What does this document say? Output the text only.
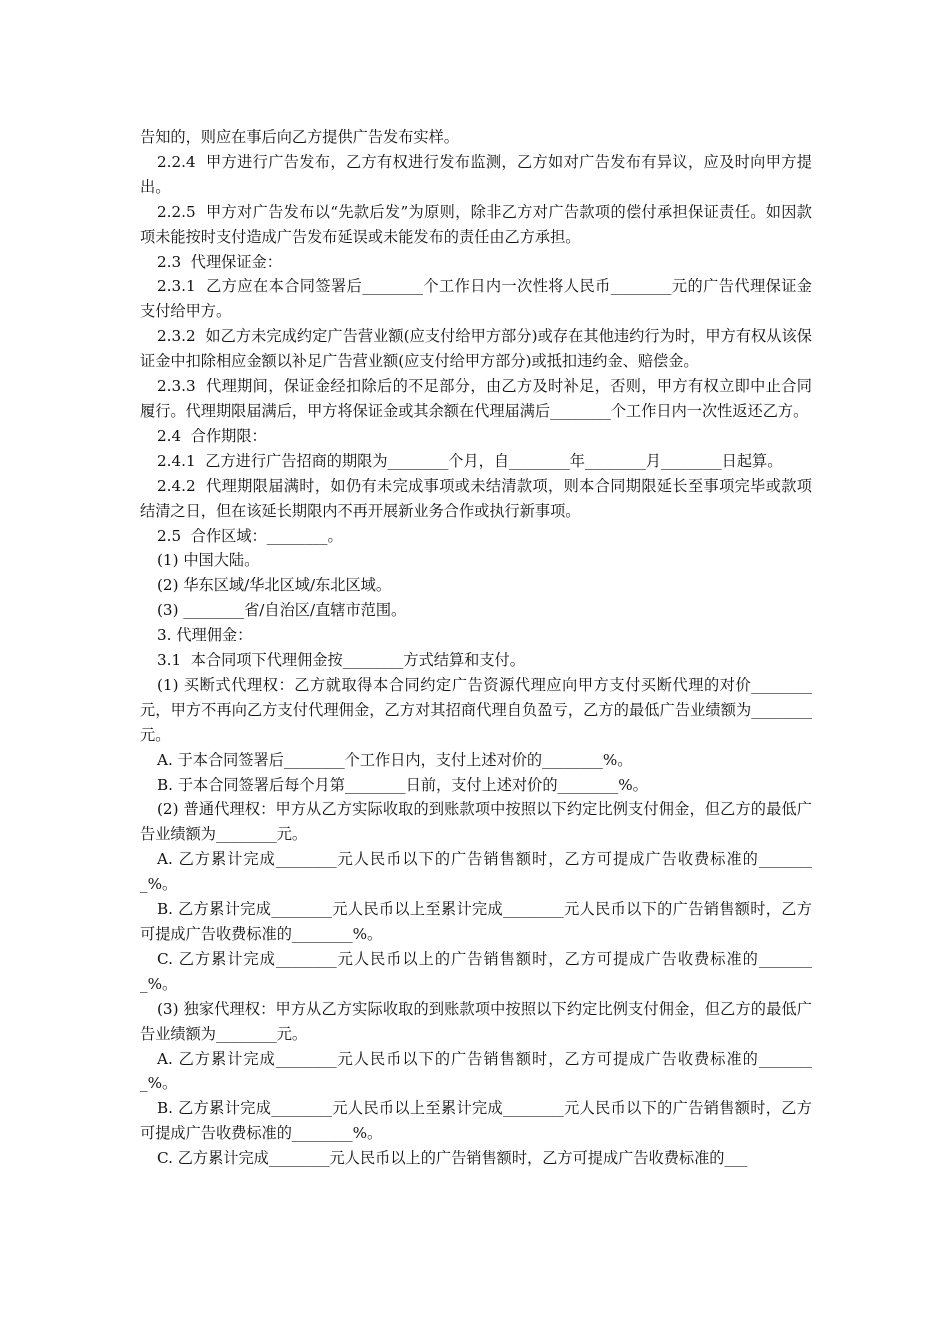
告知的，则应在事后向乙方提供广告发布实样。

2.2.4  甲方进行广告发布，乙方有权进行发布监测，乙方如对广告发布有异议，应及时向甲方提出。

2.2.5  甲方对广告发布以“先款后发”为原则，除非乙方对广告款项的偿付承担保证责任。如因款项未能按时支付造成广告发布延误或未能发布的责任由乙方承担。

2.3  代理保证金：

2.3.1  乙方应在本合同签署后________个工作日内一次性将人民币________元的广告代理保证金支付给甲方。

2.3.2  如乙方未完成约定广告营业额(应支付给甲方部分)或存在其他违约行为时，甲方有权从该保证金中扣除相应金额以补足广告营业额(应支付给甲方部分)或抵扣违约金、赔偿金。

2.3.3  代理期间，保证金经扣除后的不足部分，由乙方及时补足，否则，甲方有权立即中止合同履行。代理期限届满后，甲方将保证金或其余额在代理届满后________个工作日内一次性返还乙方。

2.4  合作期限：

2.4.1  乙方进行广告招商的期限为________个月，自________年________月________日起算。

2.4.2  代理期限届满时，如仍有未完成事项或未结清款项，则本合同期限延长至事项完毕或款项结清之日，但在该延长期限内不再开展新业务合作或执行新事项。

2.5  合作区域：________。

(1) 中国大陆。

(2) 华东区域/华北区域/东北区域。

(3) ________省/自治区/直辖市范围。

3. 代理佣金：

3.1  本合同项下代理佣金按________方式结算和支付。

(1) 买断式代理权：乙方就取得本合同约定广告资源代理应向甲方支付买断代理的对价________元，甲方不再向乙方支付代理佣金，乙方对其招商代理自负盈亏，乙方的最低广告业绩额为________元。

A. 于本合同签署后________个工作日内，支付上述对价的________%。

B. 于本合同签署后每个月第________日前，支付上述对价的________%。

(2) 普通代理权：甲方从乙方实际收取的到账款项中按照以下约定比例支付佣金，但乙方的最低广告业绩额为________元。

A. 乙方累计完成________元人民币以下的广告销售额时，乙方可提成广告收费标准的________%。

B. 乙方累计完成________元人民币以上至累计完成________元人民币以下的广告销售额时，乙方可提成广告收费标准的________%。

C. 乙方累计完成________元人民币以上的广告销售额时，乙方可提成广告收费标准的________%。

(3) 独家代理权：甲方从乙方实际收取的到账款项中按照以下约定比例支付佣金，但乙方的最低广告业绩额为________元。

A. 乙方累计完成________元人民币以下的广告销售额时，乙方可提成广告收费标准的________%。

B. 乙方累计完成________元人民币以上至累计完成________元人民币以下的广告销售额时，乙方可提成广告收费标准的________%。

C. 乙方累计完成________元人民币以上的广告销售额时，乙方可提成广告收费标准的___
